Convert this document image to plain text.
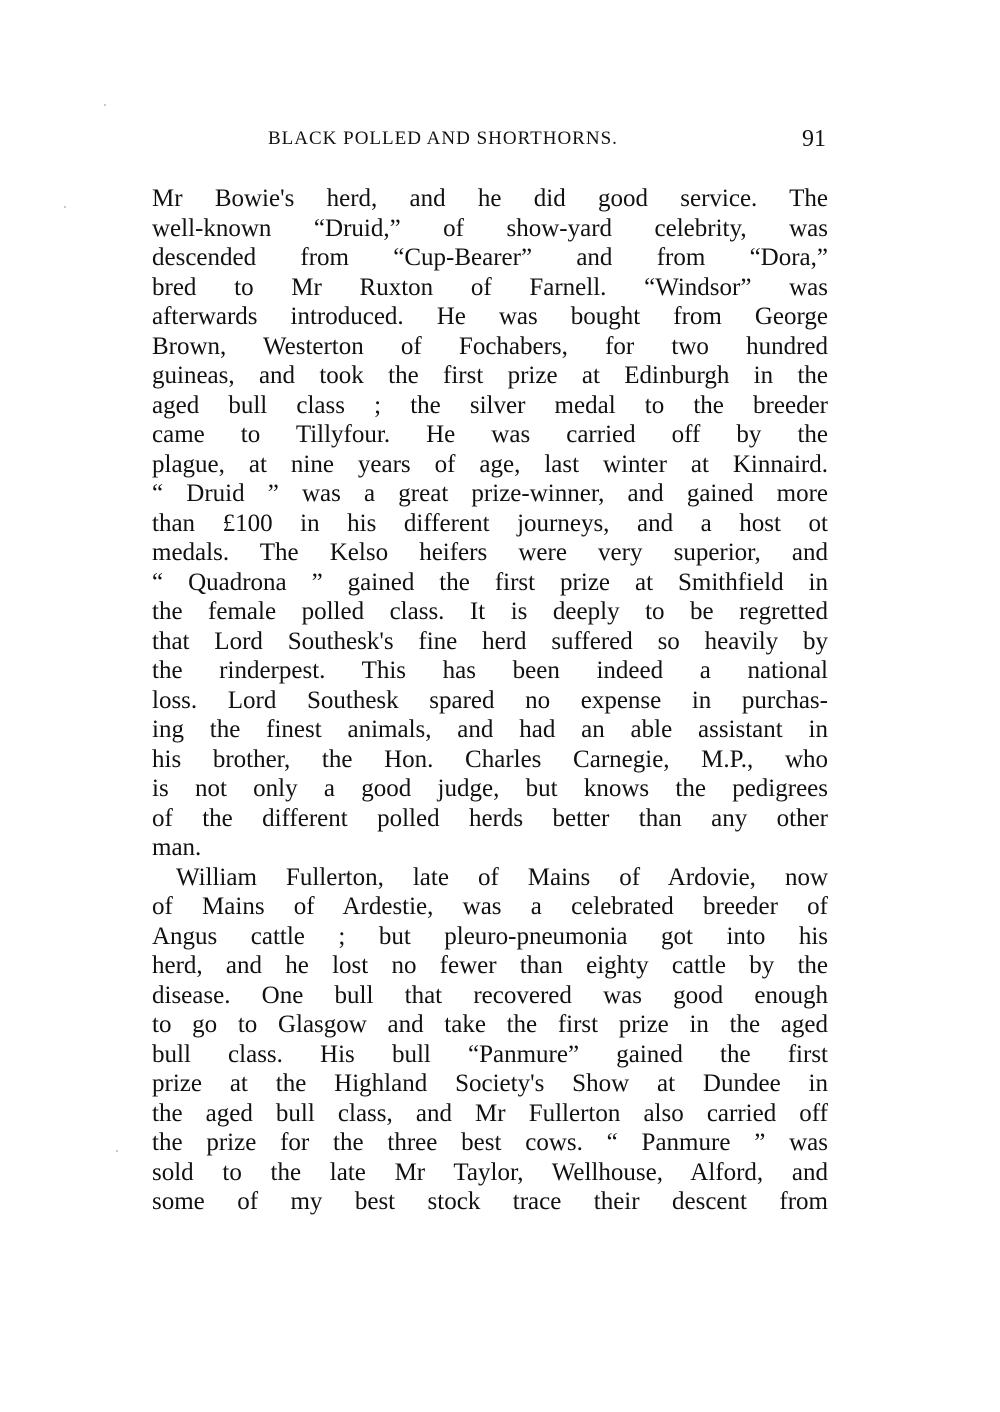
BLACK POLLED AND SHORTHORNS.	91
Mr Bowie's herd, and he did good service. The
well-known “Druid,” of show-yard celebrity, was
descended from “Cup-Bearer” and from “Dora,”
bred to Mr Ruxton of Farnell. “Windsor” was
afterwards introduced. He was bought from George
Brown, Westerton of Fochabers, for two hundred
guineas, and took the first prize at Edinburgh in the
aged bull class ; the silver medal to the breeder
came to Tillyfour. He was carried off by the
plague, at nine years of age, last winter at Kinnaird.
“ Druid ” was a great prize-winner, and gained more
than £100 in his different journeys, and a host ot
medals. The Kelso heifers were very superior, and
“ Quadrona ” gained the first prize at Smithfield in
the female polled class. It is deeply to be regretted
that Lord Southesk's fine herd suffered so heavily by
the rinderpest. This has been indeed a national
loss. Lord Southesk spared no expense in purchas-
ing the finest animals, and had an able assistant in
his brother, the Hon. Charles Carnegie, M.P., who
is not only a good judge, but knows the pedigrees
of the different polled herds better than any other
man.
William Fullerton, late of Mains of Ardovie, now
of Mains of Ardestie, was a celebrated breeder of
Angus cattle ; but pleuro-pneumonia got into his
herd, and he lost no fewer than eighty cattle by the
disease. One bull that recovered was good enough
to go to Glasgow and take the first prize in the aged
bull class. His bull “Panmure” gained the first
prize at the Highland Society's Show at Dundee in
the aged bull class, and Mr Fullerton also carried off
the prize for the three best cows. “ Panmure ” was
sold to the late Mr Taylor, Wellhouse, Alford, and
some of my best stock trace their descent from
